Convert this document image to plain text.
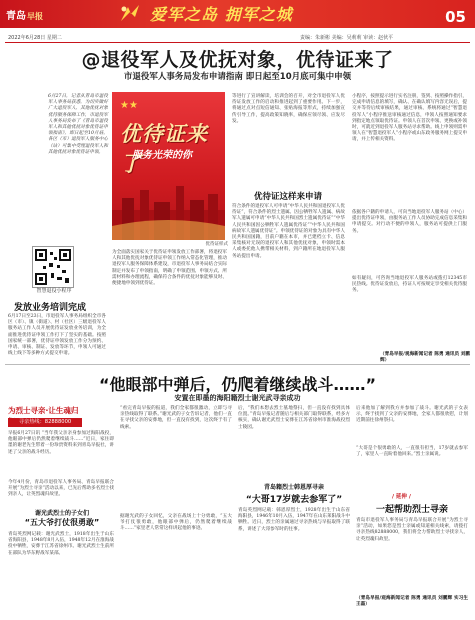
青岛早报	爱军之岛 拥军之城	05
2022年6月28日 星期二	责编：朱新彬 美编：吴莉莉 审读：赵伙平
@退役军人及优抚对象，优待证来了
市退役军人事务局发布申请指南 即日起至10月底可集中申领
6月27日，记者从青岛市退役军人事务局获悉，为切实做好广大退役军人、其他优抚对象优待服务保障工作，市退役军人事务局发布了《青岛市退役军人和其他优抚对象优待证申领指南》，即日起至10月底，各区（市）退役军人服务中心（站）可集中受理退役军人和其他优抚对象优待证申领。
智慧退役小程序
发放业务培训完成
6月17日至23日，市退役军人事务局组织全市各区（市）、镇（街道）、村（社区）三级退役军人服务站工作人员开展优待证发放业务培训，为全面推进优待证申领工作打下了坚实的基础。按照国家统一部署，优待证申领发放工作分为预约、申请、审核、制证、发放等环节，申领人可通过线上线下等多种方式提交申请。
★★
优待证来了
服务光荣的你
优待证样式
为全面落实国家关于优待证申领发放工作部署，将退役军人和其他优抚对象优待证申领工作纳入常态化管理，推动退役军人服务保障体系建设，市退役军人事务局结合实际制定并发布了申领指南，明确了申领范围、申领方式、所需材料和办理流程，确保符合条件的优抚对象能够及时、便捷地申领到优待证。
等进行了宣讲解读，培训会的召开，对全市退役军人优待证发放工作的启动和推进起到了重要作用。下一步，将通过点对点短信通知、张贴海报等形式，持续加强宣传引导工作，提高政策知晓率，确保应领尽领、应发尽发。
优待证这样来申请
符合条件的退役军人可申请“中华人民共和国退役军人优待证”，符合条件的烈士遗属、因公牺牲军人遗属、病故军人遗属可申请“中华人民共和国烈士遗属优待证”“中华人民共和国因公牺牲军人遗属优待证”“中华人民共和国病故军人遗属优待证”。申领优待证的对象为具有中华人民共和国国籍，目前户籍在本市，并已建档立卡、信息采集核对无误的退役军人和其他优抚对象，申领时需本人或委托他人携带相关材料，到户籍所在地退役军人服务站提出申请。
小程序，按照提示进行实名注册，签到、按照操作指引，完成申请信息的填写，确认、在确认填写内容无误后，提交并等待后续审核结果，通过审核、系统将通过“智慧退役军人”小程序推送审核通过信息，申领人按照通知要求到指定地点领取优待证。申领人在首次申领、更换或补领时，可就近到退役军人服务站寻求帮助。线上申领则需申领人在“智慧退役军人”小程序或山东政务服务网上提交申请，并上传相关资料。
依据各户籍的申请人，可向当地退役军人服务站（中心）提出优待证申领，由服务站工作人员协助完成信息采集和申请提交。对行动不便的申领人，服务站可提供上门服务。
如有疑问，可咨询当地退役军人服务站或拨打12345市民热线。优待证发放后，持证人可按规定享受相关优待服务。
（青岛早报/观海新闻记者 陈勇 通讯员 刘鹏辉）
“他眼部中弹后，仍爬着继续战斗……”
安置在即墨的海阳籍烈士谢光武寻亲成功
为烈士寻亲·让生魂归
寻亲热线：82888000
早报6月27日讯 “当年我父亲亲身参加过海阳战役，他眼部中弹后仍然爬着继续战斗……”近日，家住即墨的谢老先生带着一份珍贵资料来到青岛早报社，讲述了父亲的战斗经历。
今年4月份，青岛市退役军人事务局、青岛早报联合开展“为烈士寻亲”活动以来，已先后帮助多名烈士找到亲人，让英烈魂归故里。
谢光武烈士的子女们
“五大爷打仗很勇敢”
青岛英烈网记载：谢光武烈士，1918年出生于山东省海阳县，1948年8月入伍，1948年12月在淮海战役中牺牲，安葬于江苏省徐州市。谢光武烈士生前所在部队为华东野战军某部。
“看完青岛早报的报道，我们全家都很激动，立即与寻亲热线取得了联系。”谢光武的子女告诉记者，他们一直在寻找父亲的安葬地，但一直没有找到，这次终于有了线索。
据谢光武的子女回忆，父亲在战场上十分勇敢，“五大爷打仗很勇敢，他眼部中弹后，仍然爬着继续战斗……”家里老人常常这样讲起他的事迹。
后，“我们本想去烈士墓地祭扫，但一直没有找到具体位置。”青岛早报记者随后与相关部门取得联系，经多方核实，确认谢光武烈士安葬在江苏省徐州市淮海战役烈士陵园。
青岛籍烈士韩恩厚寻亲
“大哥17岁就去参军了”
青岛英烈网记载：韩恩厚烈士，1928年出生于山东省海阳县，1946年10月入伍，1947年在山东莱阳战斗中牺牲。近日，烈士的亲属通过寻亲热线与早报取得了联系，讲述了大哥参军时的往事。
后来他加了解到我方并参加了战斗。谢光武的子女表示，终于找到了父亲的安葬地，全家人都很欣慰，计划近期前往徐州祭扫。
“大哥是个很勇敢的人，一直很有担当，17岁就去参军了，家里人一直盼着他回来。”烈士亲属说。
/ 延伸 /
一起帮助烈士寻亲
青岛市退役军人事务局与青岛早报联合开展“为烈士寻亲”活动，如果您是烈士亲属或知道相关线索，请拨打寻亲热线82888000，我们将全力帮助烈士寻找亲人，让英烈魂归故里。
（青岛早报/观海新闻记者 陈勇 通讯员 刘鹏辉 实习生 王磊）
